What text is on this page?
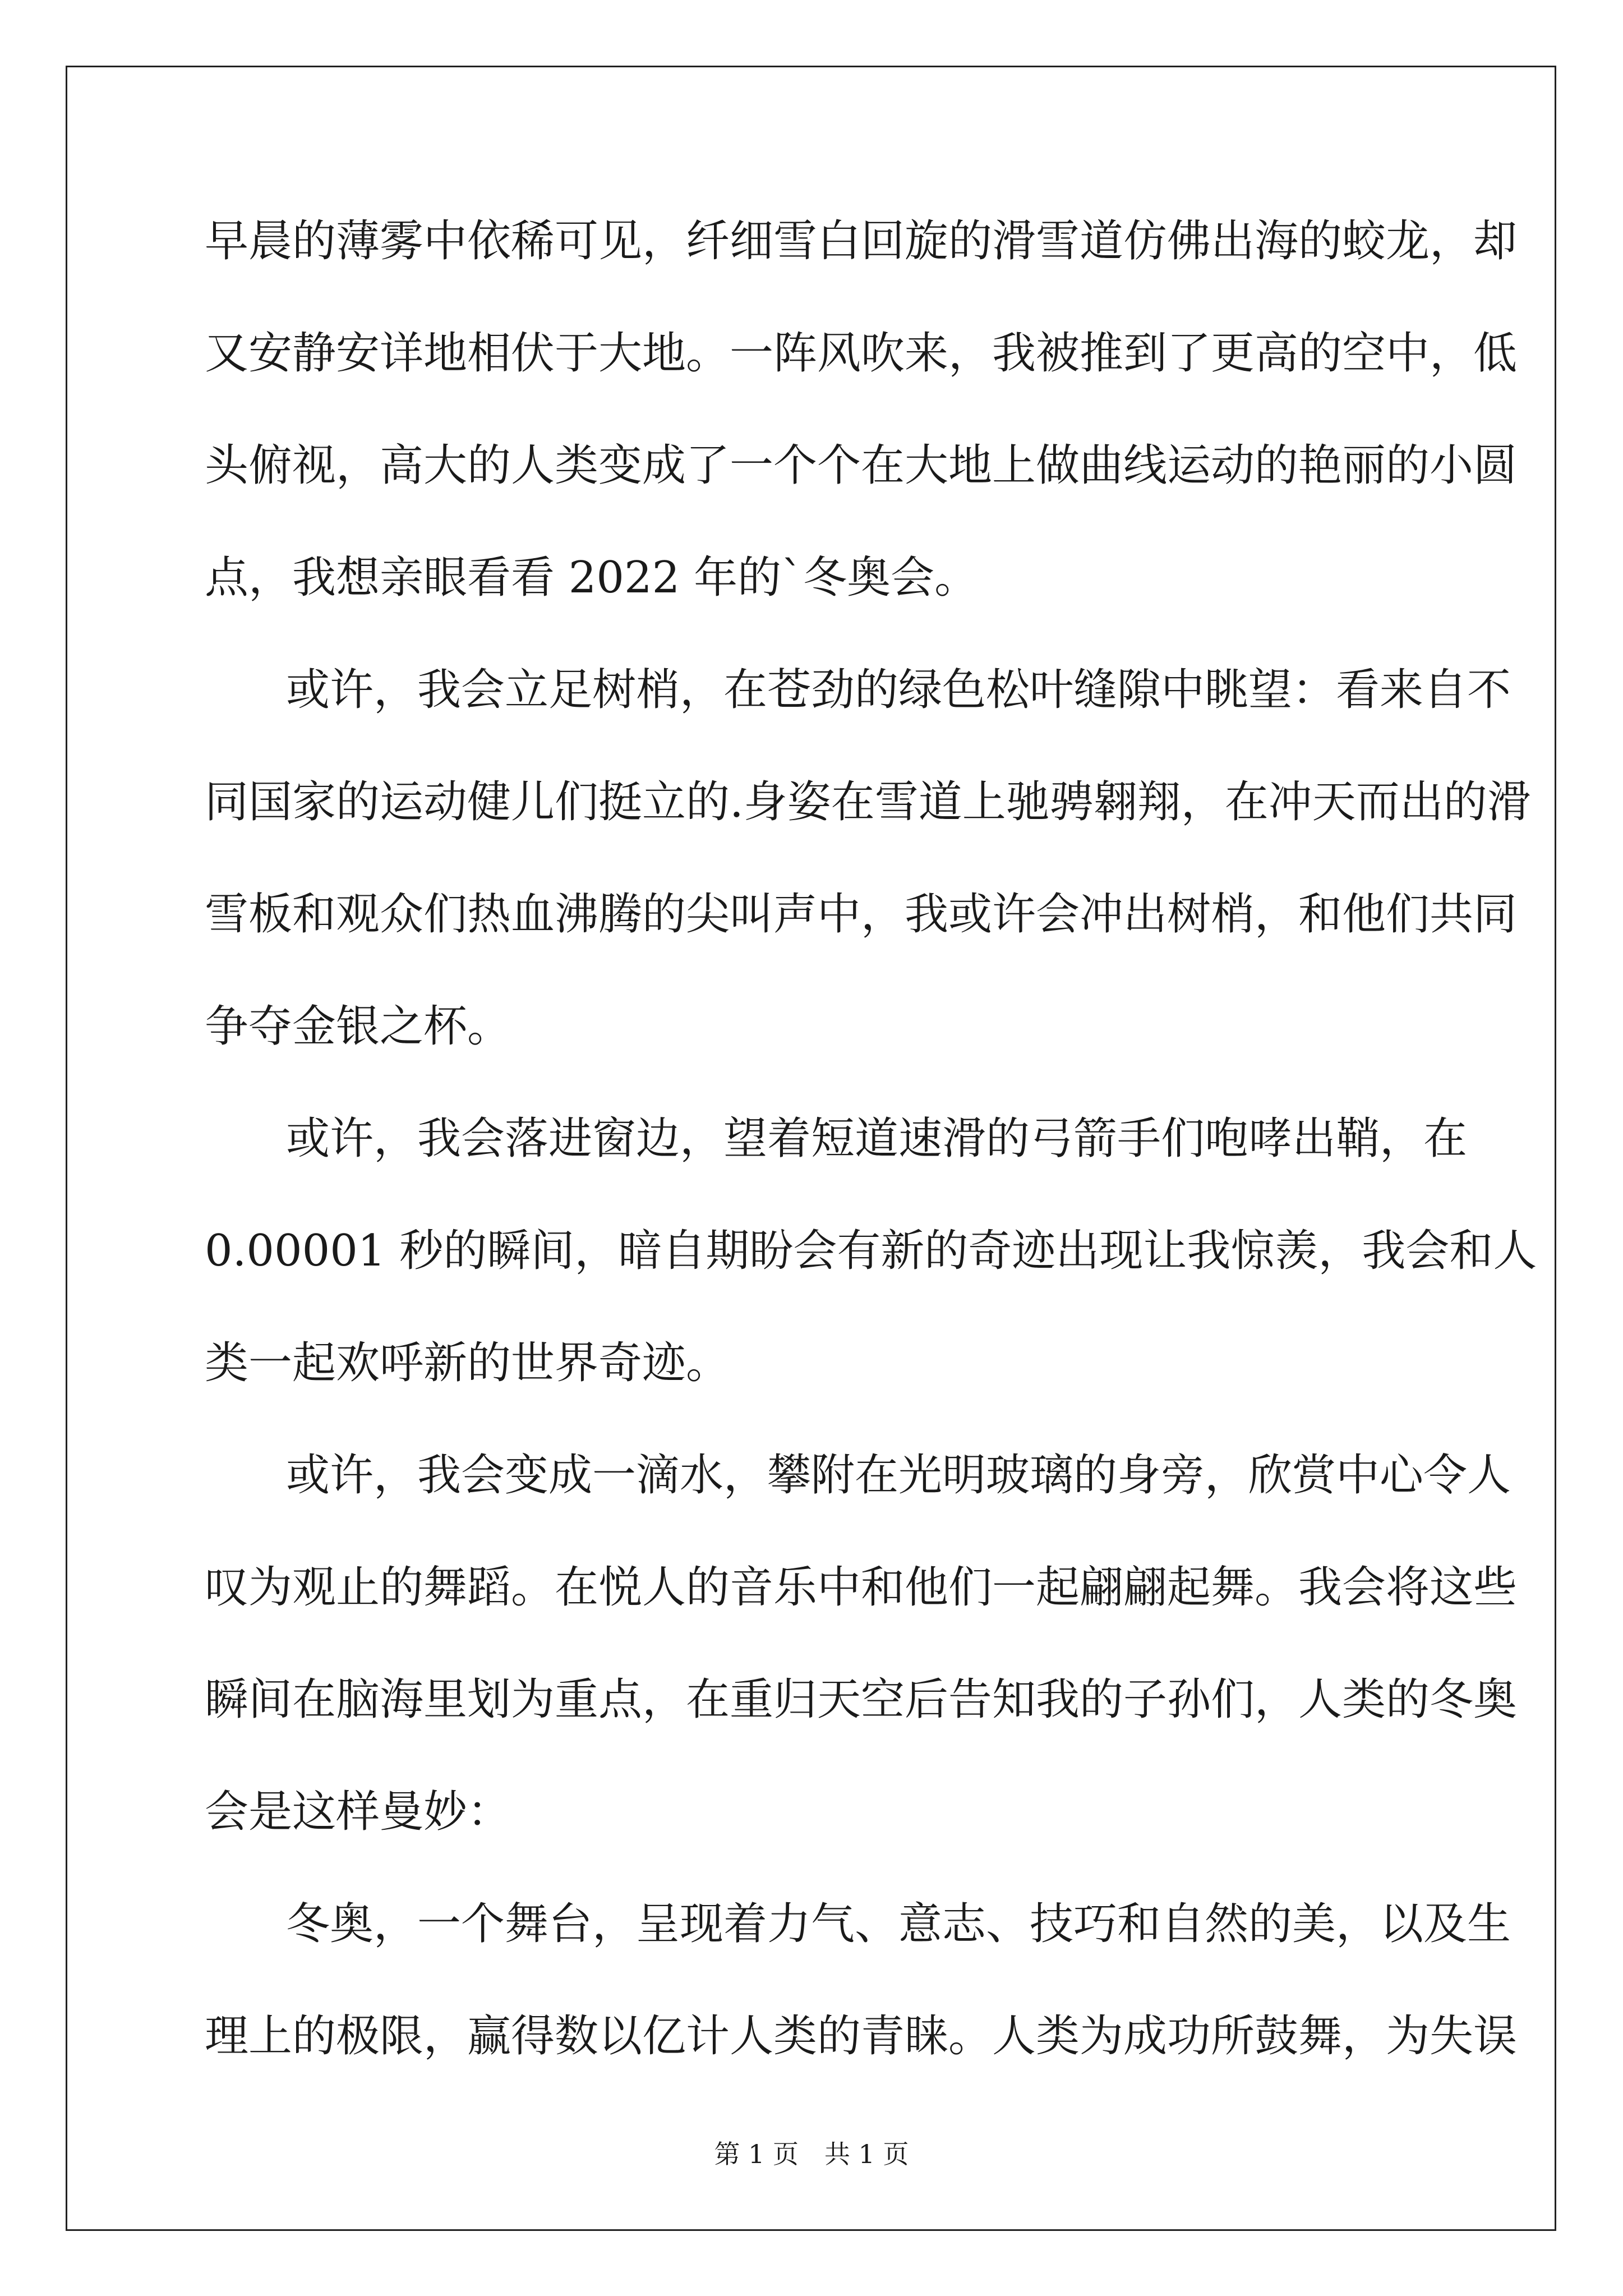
早晨的薄雾中依稀可见，纤细雪白回旋的滑雪道仿佛出海的蛟龙，却
又安静安详地相伏于大地。一阵风吹来，我被推到了更高的空中，低
头俯视，高大的人类变成了一个个在大地上做曲线运动的艳丽的小圆
点，我想亲眼看看 2022 年的`冬奥会。
或许，我会立足树梢，在苍劲的绿色松叶缝隙中眺望：看来自不
同国家的运动健儿们挺立的.身姿在雪道上驰骋翱翔，在冲天而出的滑
雪板和观众们热血沸腾的尖叫声中，我或许会冲出树梢，和他们共同
争夺金银之杯。
或许，我会落进窗边，望着短道速滑的弓箭手们咆哮出鞘，在
0.00001 秒的瞬间，暗自期盼会有新的奇迹出现让我惊羡，我会和人
类一起欢呼新的世界奇迹。
或许，我会变成一滴水，攀附在光明玻璃的身旁，欣赏中心令人
叹为观止的舞蹈。在悦人的音乐中和他们一起翩翩起舞。我会将这些
瞬间在脑海里划为重点，在重归天空后告知我的子孙们，人类的冬奥
会是这样曼妙：
冬奥，一个舞台，呈现着力气、意志、技巧和自然的美，以及生
理上的极限，赢得数以亿计人类的青睐。人类为成功所鼓舞，为失误
第 1 页　共 1 页
